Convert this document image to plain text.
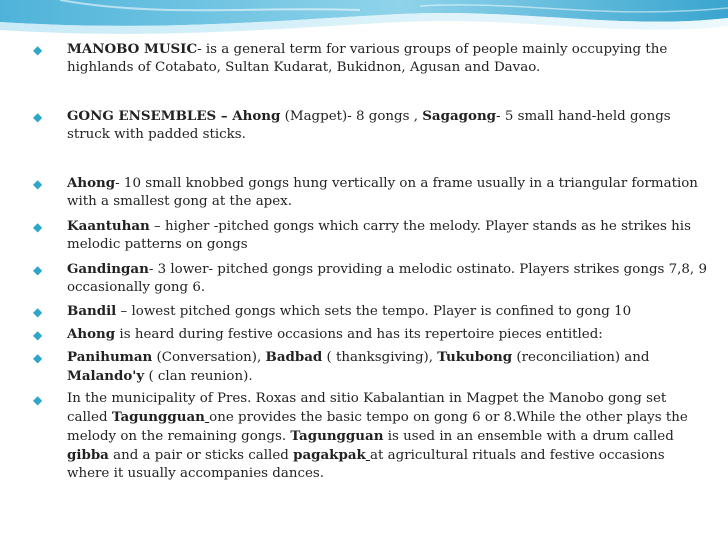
◆
MANOBO MUSIC- is a general term for various groups of people mainly occupying the highlands of Cotabato, Sultan Kudarat, Bukidnon, Agusan and Davao.
◆
GONG ENSEMBLES – Ahong (Magpet)- 8 gongs , Sagagong- 5 small hand-held gongs struck with padded sticks.
◆
Ahong- 10 small knobbed gongs hung vertically on a frame usually in a triangular formation with a smallest gong at the apex.
◆
Kaantuhan – higher -pitched gongs which carry the melody. Player stands as he strikes his melodic patterns on gongs
◆
Gandingan- 3 lower- pitched gongs providing a melodic ostinato. Players strikes gongs 7,8, 9 occasionally gong 6.
◆
Bandil – lowest pitched gongs which sets the tempo. Player is confined to gong 10
◆
Ahong is heard during festive occasions and has its repertoire pieces entitled:
◆
Panihuman (Conversation), Badbad ( thanksgiving), Tukubong (reconciliation) and Malando'y ( clan reunion).
◆
In the municipality of Pres. Roxas and sitio Kabalantian in Magpet the Manobo gong set called Tagungguan one provides the basic tempo on gong 6 or 8.While the other plays the melody on the remaining gongs. Tagungguan is used in an ensemble with a drum called gibba and a pair or sticks called pagakpak at agricultural rituals and festive occasions where it usually accompanies dances.
